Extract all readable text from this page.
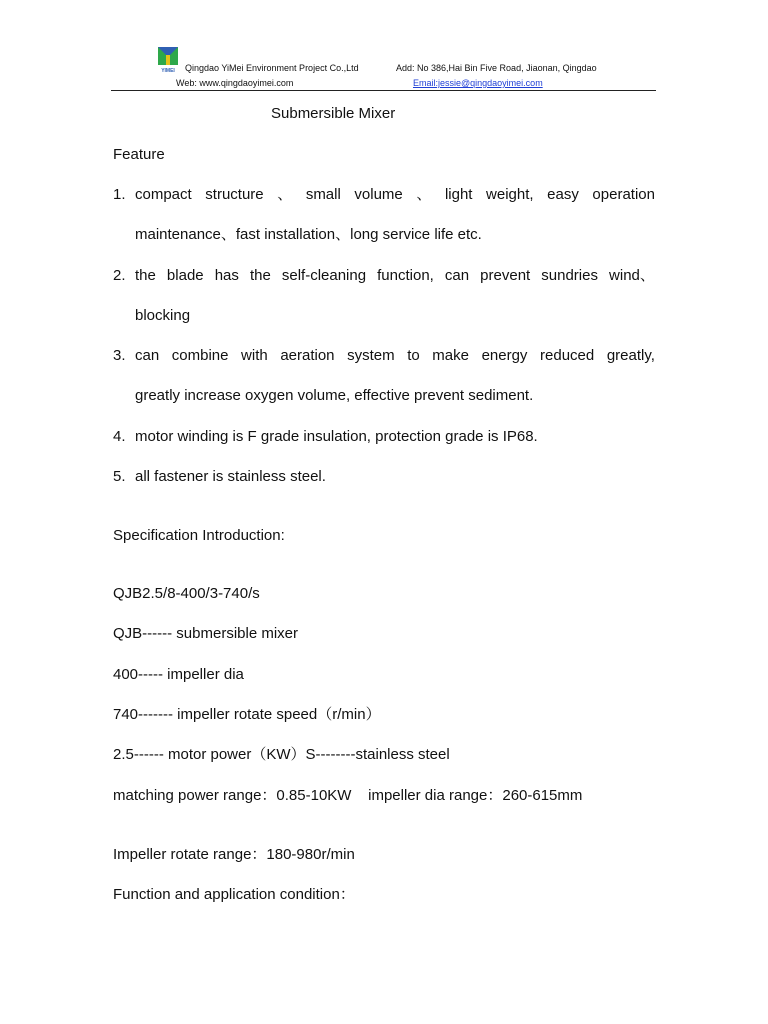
YIMEI Qingdao YiMei Environment Project Co.,Ltd	Add: No 386,Hai Bin Five Road, Jiaonan, Qingdao
Web: www.qingdaoyimei.com	Email:jessie@qingdaoyimei.com
Submersible Mixer
Feature
1. compact structure 、 small volume 、 light weight, easy operation
maintenance、fast installation、long service life etc.
2. the blade has the self-cleaning function, can prevent sundries wind、
blocking
3. can combine with aeration system to make energy reduced greatly,
greatly increase oxygen volume, effective prevent sediment.
4. motor winding is F grade insulation, protection grade is IP68.
5. all fastener is stainless steel.
Specification Introduction:
QJB2.5/8-400/3-740/s
QJB------ submersible mixer
400----- impeller dia
740------- impeller rotate speed（r/min）
2.5------ motor power（KW）S--------stainless steel
matching power range：0.85-10KW    impeller dia range：260-615mm
Impeller rotate range：180-980r/min
Function and application condition：
